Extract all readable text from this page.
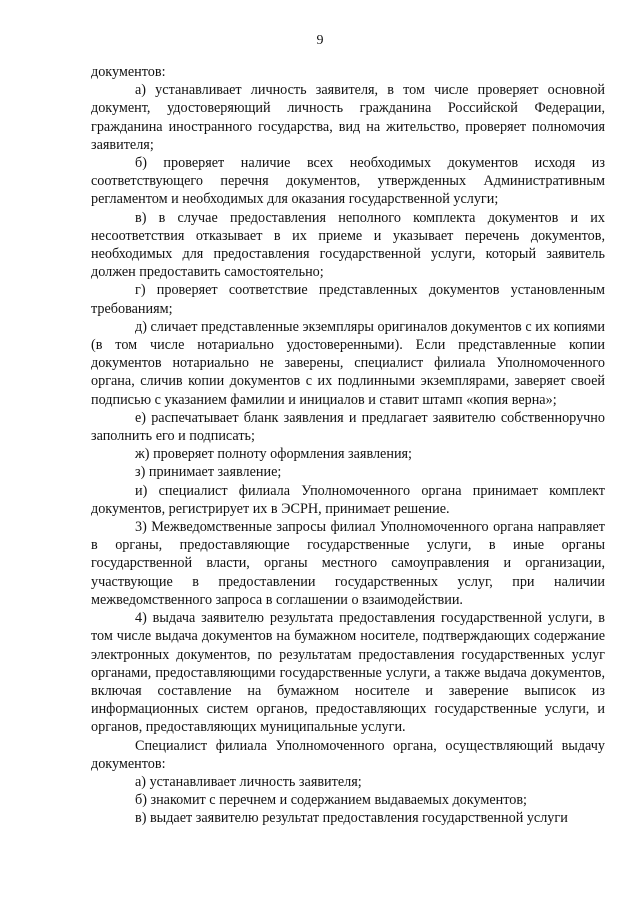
9

документов:

а) устанавливает личность заявителя, в том числе проверяет основной документ, удостоверяющий личность гражданина Российской Федерации, гражданина иностранного государства, вид на жительство, проверяет полномочия заявителя;

б) проверяет наличие всех необходимых документов исходя из соответствующего перечня документов, утвержденных Административным регламентом и необходимых для оказания государственной услуги;

в) в случае предоставления неполного комплекта документов и их несоответствия отказывает в их приеме и указывает перечень документов, необходимых для предоставления государственной услуги, который заявитель должен предоставить самостоятельно;

г) проверяет соответствие представленных документов установленным требованиям;

д) сличает представленные экземпляры оригиналов документов с их копиями (в том числе нотариально удостоверенными). Если представленные копии документов нотариально не заверены, специалист филиала Уполномоченного органа, сличив копии документов с их подлинными экземплярами, заверяет своей подписью с указанием фамилии и инициалов и ставит штамп «копия верна»;

е) распечатывает бланк заявления и предлагает заявителю собственноручно заполнить его и подписать;

ж) проверяет полноту оформления заявления;

з) принимает заявление;

и) специалист филиала Уполномоченного органа принимает комплект документов, регистрирует их в ЭСРН, принимает решение.

3) Межведомственные запросы филиал Уполномоченного органа направляет в органы, предоставляющие государственные услуги, в иные органы государственной власти, органы местного самоуправления и организации, участвующие в предоставлении государственных услуг, при наличии межведомственного запроса в соглашении о взаимодействии.

4) выдача заявителю результата предоставления государственной услуги, в том числе выдача документов на бумажном носителе, подтверждающих содержание электронных документов, по результатам предоставления государственных услуг органами, предоставляющими государственные услуги, а также выдача документов, включая составление на бумажном носителе и заверение выписок из информационных систем органов, предоставляющих государственные услуги, и органов, предоставляющих муниципальные услуги.

Специалист филиала Уполномоченного органа, осуществляющий выдачу документов:

а) устанавливает личность заявителя;

б) знакомит с перечнем и содержанием выдаваемых документов;

в) выдает заявителю результат предоставления государственной услуги
